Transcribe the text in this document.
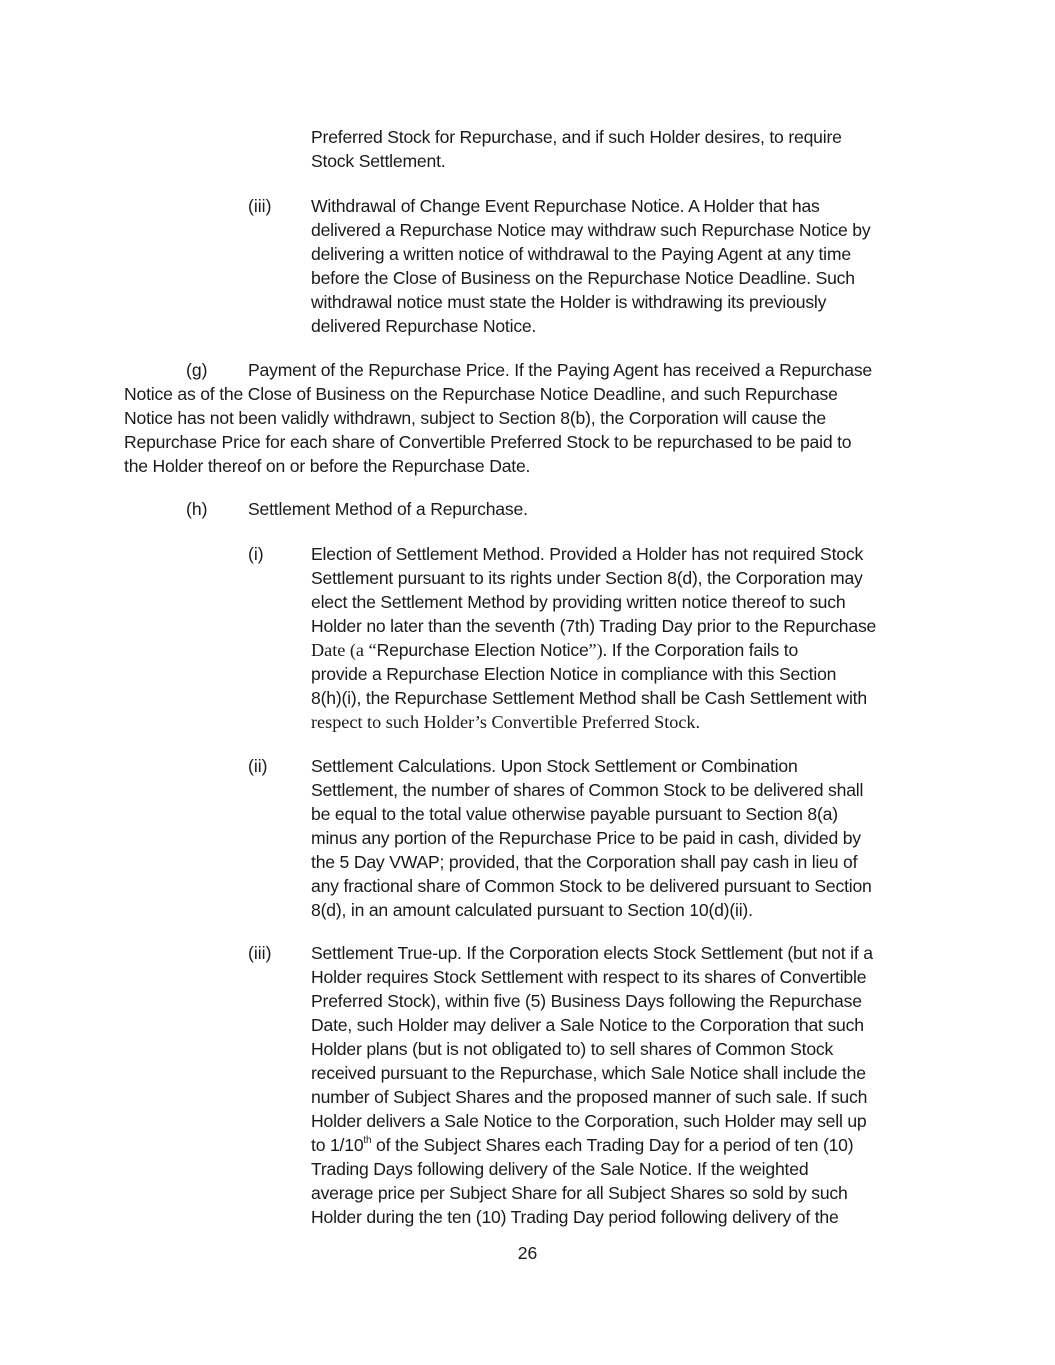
Preferred Stock for Repurchase, and if such Holder desires, to require
Stock Settlement.
(iii) Withdrawal of Change Event Repurchase Notice. A Holder that has
delivered a Repurchase Notice may withdraw such Repurchase Notice by
delivering a written notice of withdrawal to the Paying Agent at any time
before the Close of Business on the Repurchase Notice Deadline. Such
withdrawal notice must state the Holder is withdrawing its previously
delivered Repurchase Notice.
(g) Payment of the Repurchase Price. If the Paying Agent has received a Repurchase
Notice as of the Close of Business on the Repurchase Notice Deadline, and such Repurchase
Notice has not been validly withdrawn, subject to Section 8(b), the Corporation will cause the
Repurchase Price for each share of Convertible Preferred Stock to be repurchased to be paid to
the Holder thereof on or before the Repurchase Date.
(h) Settlement Method of a Repurchase.
(i)	Election of Settlement Method. Provided a Holder has not required Stock
Settlement pursuant to its rights under Section 8(d), the Corporation may
elect the Settlement Method by providing written notice thereof to such
Holder no later than the seventh (7th) Trading Day prior to the Repurchase
Date (a “Repurchase Election Notice”). If the Corporation fails to
provide a Repurchase Election Notice in compliance with this Section
8(h)(i), the Repurchase Settlement Method shall be Cash Settlement with
respect to such Holder’s Convertible Preferred Stock.
(ii) Settlement Calculations. Upon Stock Settlement or Combination
Settlement, the number of shares of Common Stock to be delivered shall
be equal to the total value otherwise payable pursuant to Section 8(a)
minus any portion of the Repurchase Price to be paid in cash, divided by
the 5 Day VWAP; provided, that the Corporation shall pay cash in lieu of
any fractional share of Common Stock to be delivered pursuant to Section
8(d), in an amount calculated pursuant to Section 10(d)(ii).
(iii) Settlement True-up. If the Corporation elects Stock Settlement (but not if a
Holder requires Stock Settlement with respect to its shares of Convertible
Preferred Stock), within five (5) Business Days following the Repurchase
Date, such Holder may deliver a Sale Notice to the Corporation that such
Holder plans (but is not obligated to) to sell shares of Common Stock
received pursuant to the Repurchase, which Sale Notice shall include the
number of Subject Shares and the proposed manner of such sale. If such
Holder delivers a Sale Notice to the Corporation, such Holder may sell up
to 1/10th of the Subject Shares each Trading Day for a period of ten (10)
Trading Days following delivery of the Sale Notice. If the weighted
average price per Subject Share for all Subject Shares so sold by such
Holder during the ten (10) Trading Day period following delivery of the
26
